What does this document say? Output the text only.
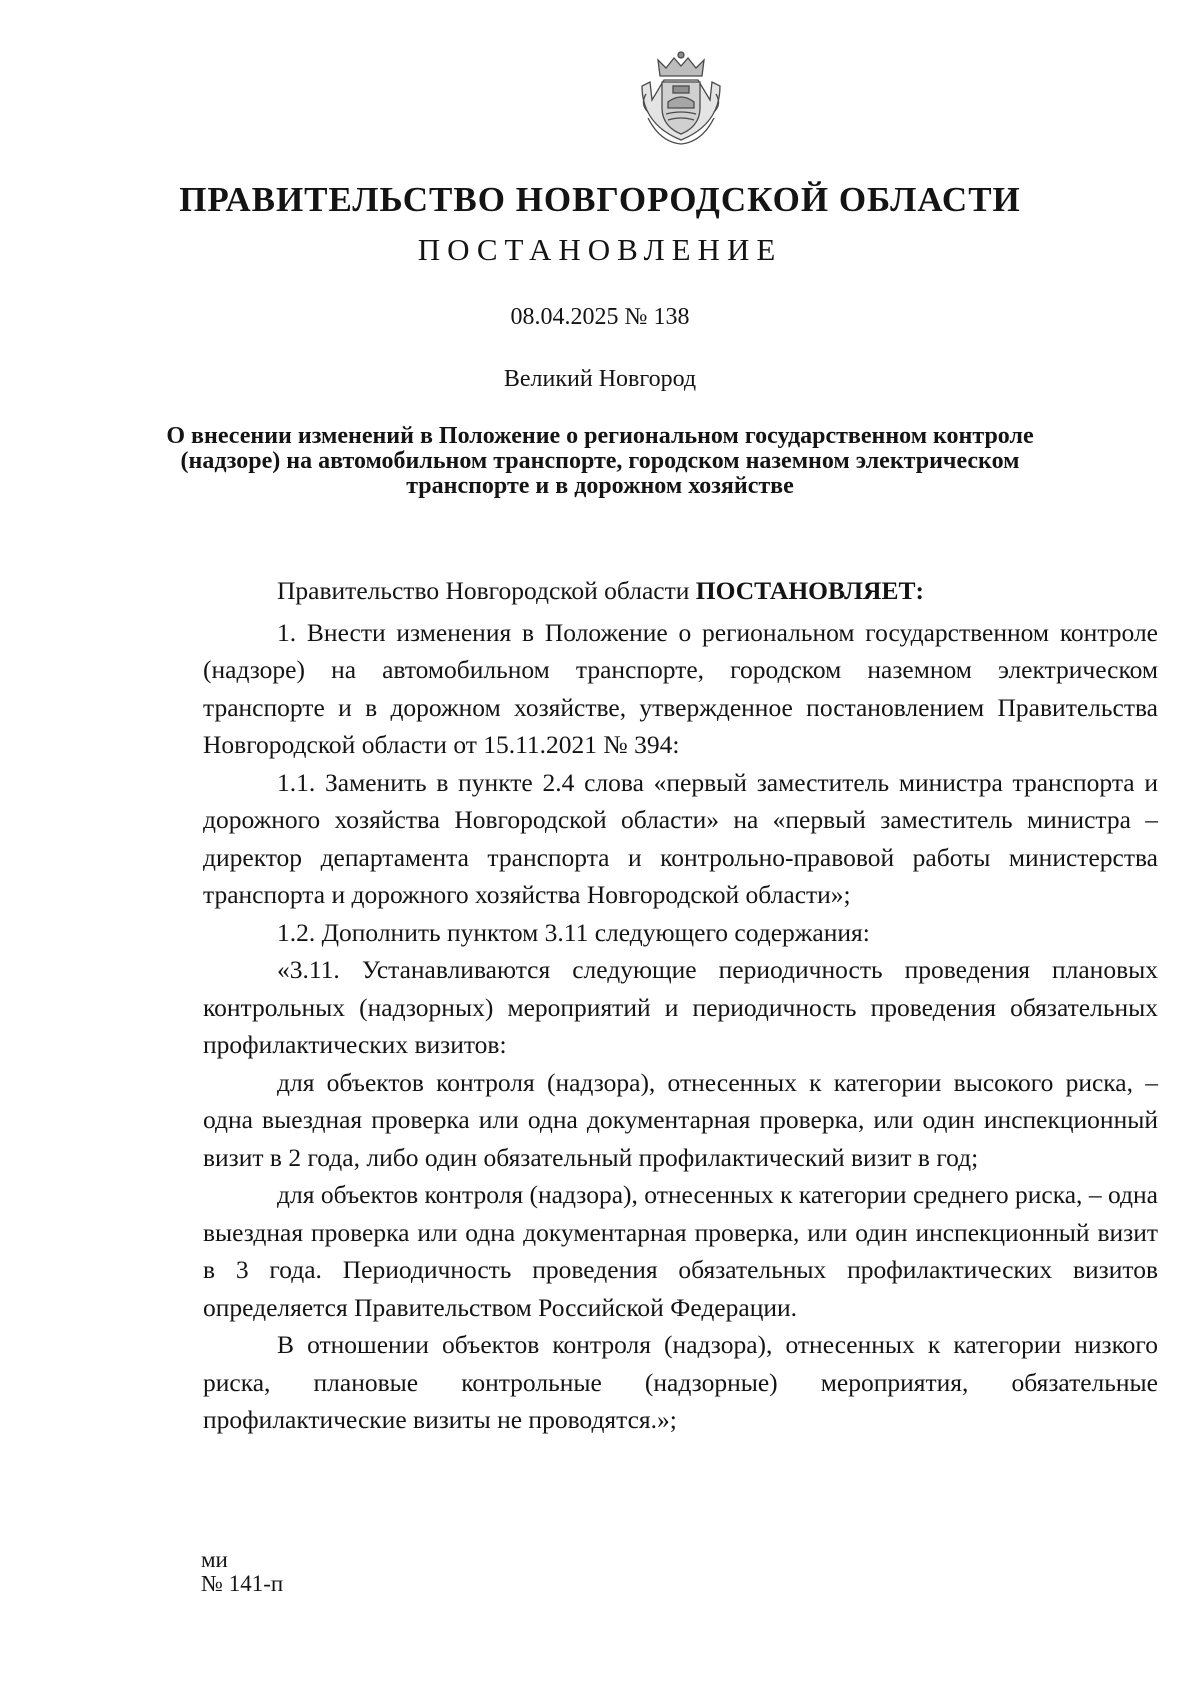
ПРАВИТЕЛЬСТВО НОВГОРОДСКОЙ ОБЛАСТИ
ПОСТАНОВЛЕНИЕ
08.04.2025 № 138
Великий Новгород
О внесении изменений в Положение о региональном государственном контроле (надзоре) на автомобильном транспорте, городском наземном электрическом транспорте и в дорожном хозяйстве

Правительство Новгородской области ПОСТАНОВЛЯЕТ:

1. Внести изменения в Положение о региональном государственном контроле (надзоре) на автомобильном транспорте, городском наземном электрическом транспорте и в дорожном хозяйстве, утвержденное постановлением Правительства Новгородской области от 15.11.2021 № 394:

1.1. Заменить в пункте 2.4 слова «первый заместитель министра транспорта и дорожного хозяйства Новгородской области» на «первый заместитель министра – директор департамента транспорта и контрольно-правовой работы министерства транспорта и дорожного хозяйства Новгородской области»;

1.2. Дополнить пунктом 3.11 следующего содержания:

«3.11. Устанавливаются следующие периодичность проведения плановых контрольных (надзорных) мероприятий и периодичность проведения обязательных профилактических визитов:

для объектов контроля (надзора), отнесенных к категории высокого риска, – одна выездная проверка или одна документарная проверка, или один инспекционный визит в 2 года, либо один обязательный профилактический визит в год;

для объектов контроля (надзора), отнесенных к категории среднего риска, – одна выездная проверка или одна документарная проверка, или один инспекционный визит в 3 года. Периодичность проведения обязательных профилактических визитов определяется Правительством Российской Федерации.

В отношении объектов контроля (надзора), отнесенных к категории низкого риска, плановые контрольные (надзорные) мероприятия, обязательные профилактические визиты не проводятся.»;

ми
№ 141-п
